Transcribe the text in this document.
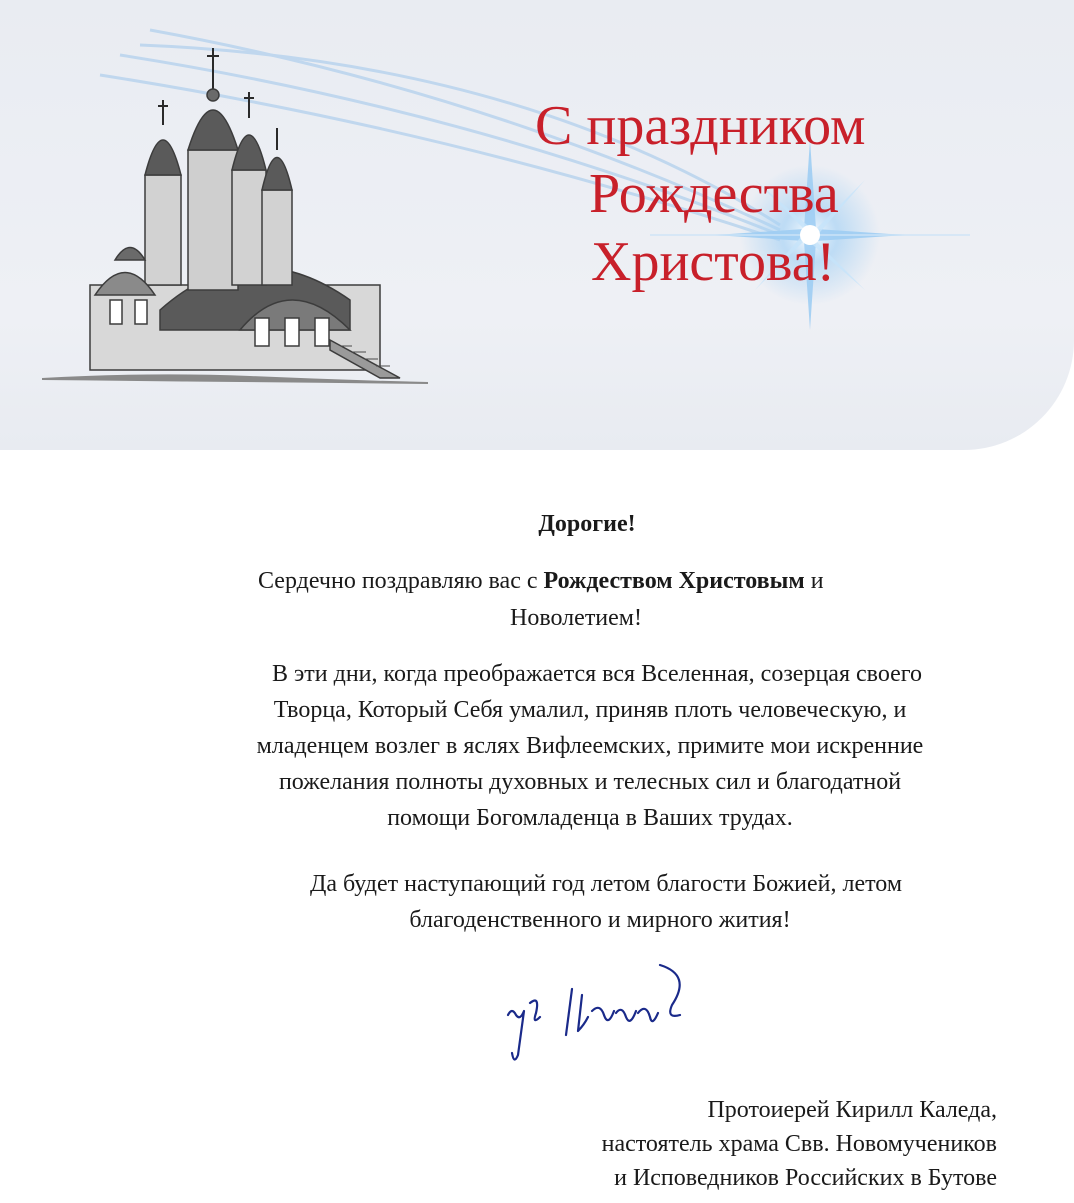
С праздником
Рождества
Христова!
Дорогие!
Сердечно поздравляю вас с Рождеством Христовым и
Новолетием!
В эти дни, когда преображается вся Вселенная, созерцая своего
Творца, Который Себя умалил, приняв плоть человеческую, и
младенцем возлег в яслях Вифлеемских, примите мои искренние
пожелания полноты духовных и телесных сил и благодатной
помощи Богомладенца в Ваших трудах.
Да будет наступающий год летом благости Божией, летом
благоденственного и мирного жития!
Протоиерей Кирилл Каледа,
настоятель храма Свв. Новомучеников
и Исповедников Российских в Бутове
